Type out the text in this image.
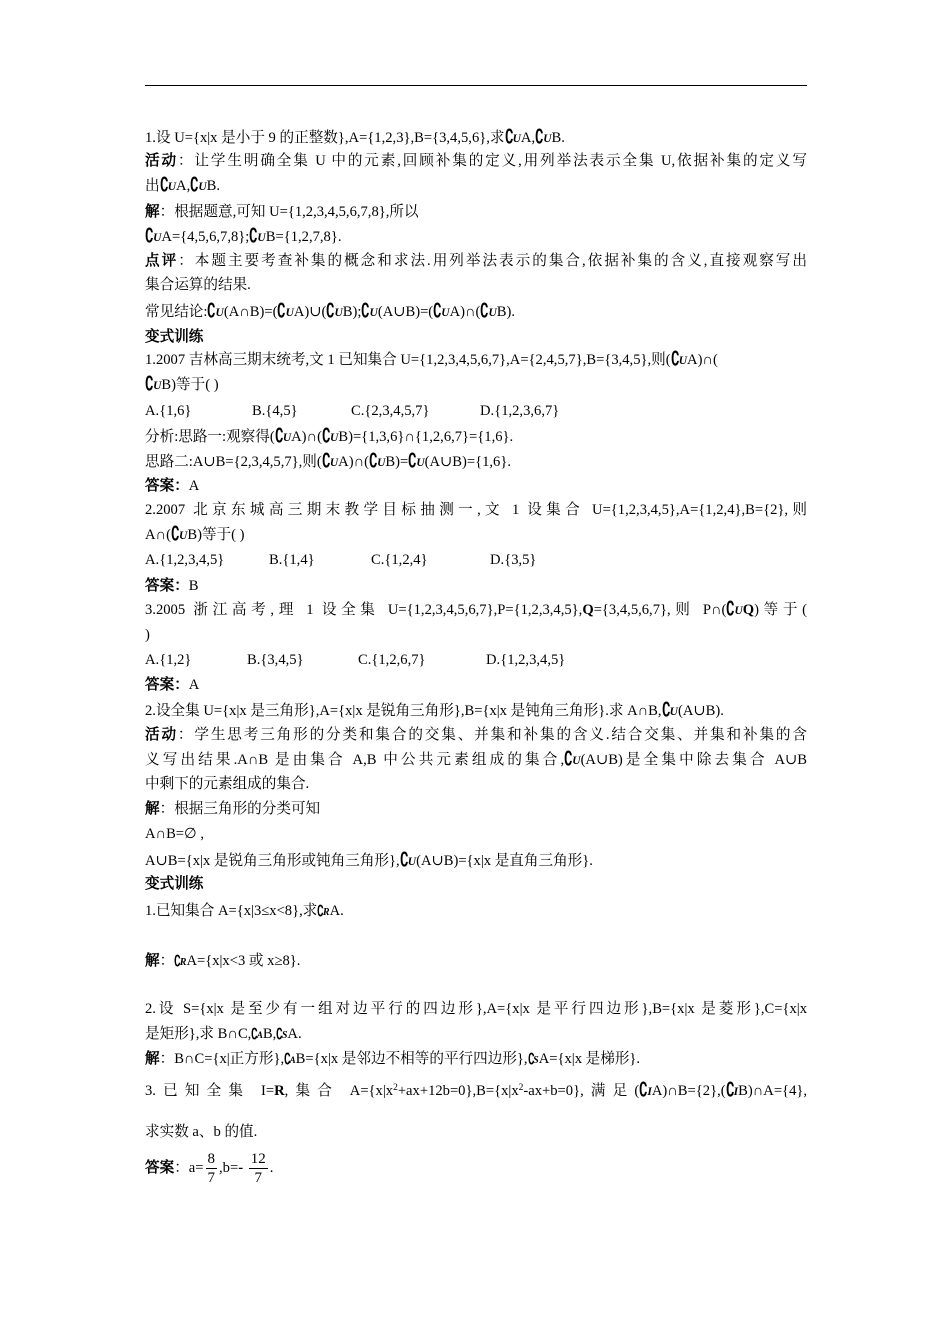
1.设 U={x|x 是小于 9 的正整数},A={1,2,3},B={3,4,5,6},求∁UA,∁UB.
活动：让学生明确全集 U 中的元素,回顾补集的定义,用列举法表示全集 U,依据补集的定义写
出∁UA,∁UB.
解：根据题意,可知 U={1,2,3,4,5,6,7,8},所以
∁UA={4,5,6,7,8};∁UB={1,2,7,8}.
点评：本题主要考查补集的概念和求法.用列举法表示的集合,依据补集的含义,直接观察写出
集合运算的结果.
常见结论:∁U(A∩B)=(∁UA)∪(∁UB);∁U(A∪B)=(∁UA)∩(∁UB).
变式训练
1.2007 吉林高三期末统考,文 1 已知集合 U={1,2,3,4,5,6,7},A={2,4,5,7},B={3,4,5},则(∁UA)∩(
∁UB)等于( )
A.{1,6}	B.{4,5}	C.{2,3,4,5,7}	D.{1,2,3,6,7}
分析:思路一:观察得(∁UA)∩(∁UB)={1,3,6}∩{1,2,6,7}={1,6}.
思路二:A∪B={2,3,4,5,7},则(∁UA)∩(∁UB)=∁U(A∪B)={1,6}.
答案：A
2.2007 北京东城高三期末教学目标抽测一,文 1 设集合 U={1,2,3,4,5},A={1,2,4},B={2},则
A∩(∁UB)等于( )
A.{1,2,3,4,5}	B.{1,4}	C.{1,2,4}	D.{3,5}
答案：B
3.2005 浙江高考,理 1 设全集 U={1,2,3,4,5,6,7},P={1,2,3,4,5},Q={3,4,5,6,7},则 P∩(∁UQ)等于(
)
A.{1,2}	B.{3,4,5}	C.{1,2,6,7}	D.{1,2,3,4,5}
答案：A
2.设全集 U={x|x 是三角形},A={x|x 是锐角三角形},B={x|x 是钝角三角形}.求 A∩B,∁U(A∪B).
活动：学生思考三角形的分类和集合的交集、并集和补集的含义.结合交集、并集和补集的含
义写出结果.A∩B 是由集合 A,B 中公共元素组成的集合,∁U(A∪B)是全集中除去集合 A∪B
中剩下的元素组成的集合.
解：根据三角形的分类可知
A∩B=∅ ,
A∪B={x|x 是锐角三角形或钝角三角形},∁U(A∪B)={x|x 是直角三角形}.
变式训练
1.已知集合 A={x|3≤x<8},求∁RA.
解：∁RA={x|x<3 或 x≥8}.
2.设 S={x|x 是至少有一组对边平行的四边形},A={x|x 是平行四边形},B={x|x 是菱形},C={x|x
是矩形},求 B∩C,∁AB,∁SA.
解：B∩C={x|正方形},∁AB={x|x 是邻边不相等的平行四边形},∁SA={x|x 是梯形}.
3.已知全集 I=R,集合 $A=\{x|x^2+ax+12b=0\},B=\{x|x^2-ax+b=0\}$,满足(∁IA)∩B={2},(∁IB)∩A={4},
求实数 a、b 的值.
答案：$a= \frac{8}{7} ,b=- \frac{12}{7}$ .
